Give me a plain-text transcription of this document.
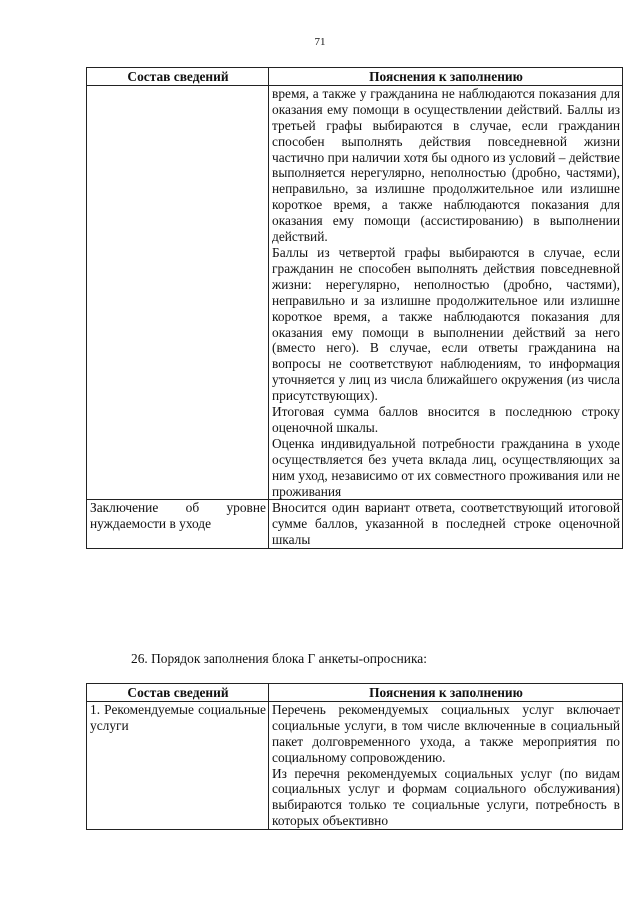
71
Состав сведений	Пояснения к заполнению

	время, а также у гражданина не наблюдаются показания для оказания ему помощи в осуществлении действий. Баллы из третьей графы выбираются в случае, если гражданин способен выполнять действия повседневной жизни частично при наличии хотя бы одного из условий – действие выполняется нерегулярно, неполностью (дробно, частями), неправильно, за излишне продолжительное или излишне короткое время, а также наблюдаются показания для оказания ему помощи (ассистированию) в выполнении действий.

Баллы из четвертой графы выбираются в случае, если гражданин не способен выполнять действия повседневной жизни: нерегулярно, неполностью (дробно, частями), неправильно и за излишне продолжительное или излишне короткое время, а также наблюдаются показания для оказания ему помощи в выполнении действий за него (вместо него). В случае, если ответы гражданина на вопросы не соответствуют наблюдениям, то информация уточняется у лиц из числа ближайшего окружения (из числа присутствующих).

Итоговая сумма баллов вносится в последнюю строку оценочной шкалы.

Оценка индивидуальной потребности гражданина в уходе осуществляется без учета вклада лиц, осуществляющих за ним уход, независимо от их совместного проживания или не проживания

Заключение об уровне нуждаемости в уходе	Вносится один вариант ответа, соответствующий итоговой сумме баллов, указанной в последней строке оценочной шкалы
26. Порядок заполнения блока Г анкеты-опросника:
Состав сведений	Пояснения к заполнению
1. Рекомендуемые социальные услуги	Перечень рекомендуемых социальных услуг включает социальные услуги, в том числе включенные в социальный пакет долговременного ухода, а также мероприятия по социальному сопровождению.

Из перечня рекомендуемых социальных услуг (по видам социальных услуг и формам социального обслуживания) выбираются только те социальные услуги, потребность в которых объективно
